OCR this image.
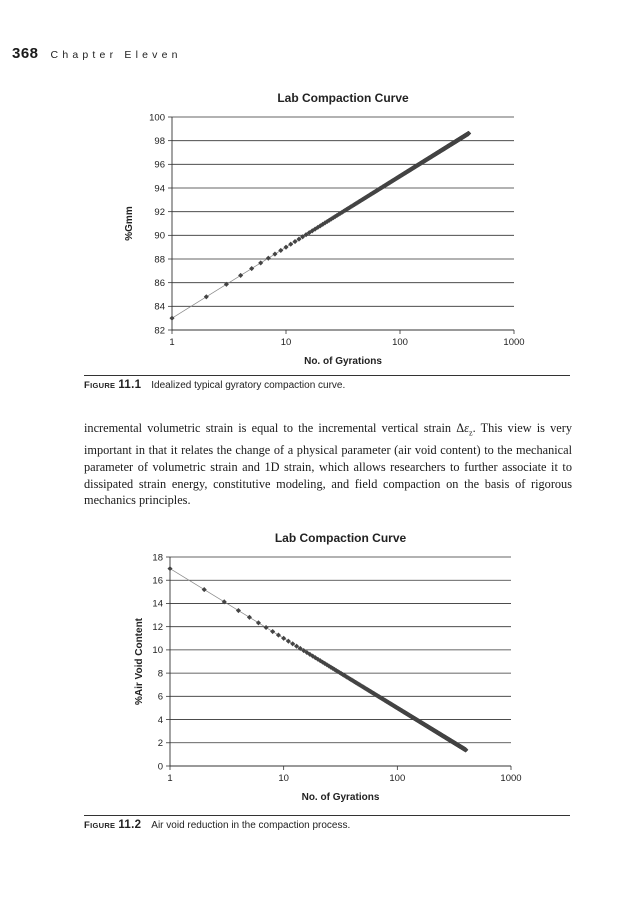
368 Chapter Eleven
Lab Compaction Curve
82
84
86
88
90
92
94
96
98
100
1	10	100	1000
No. of Gyrations
%Gmm
FIGURE 11.1 Idealized typical gyratory compaction curve.

incremental volumetric strain is equal to the incremental vertical strain $\Delta\varepsilon_z$. This view is very important in that it relates the change of a physical parameter (air void content) to the mechanical parameter of volumetric strain and 1D strain, which allows researchers to further associate it to dissipated strain energy, constitutive modeling, and field compaction on the basis of rigorous mechanics principles.

Lab Compaction Curve
0
2
4
6
8
10
12
14
16
18
1	10	100	1000
No. of Gyrations
%Air Void Content
FIGURE 11.2 Air void reduction in the compaction process.
